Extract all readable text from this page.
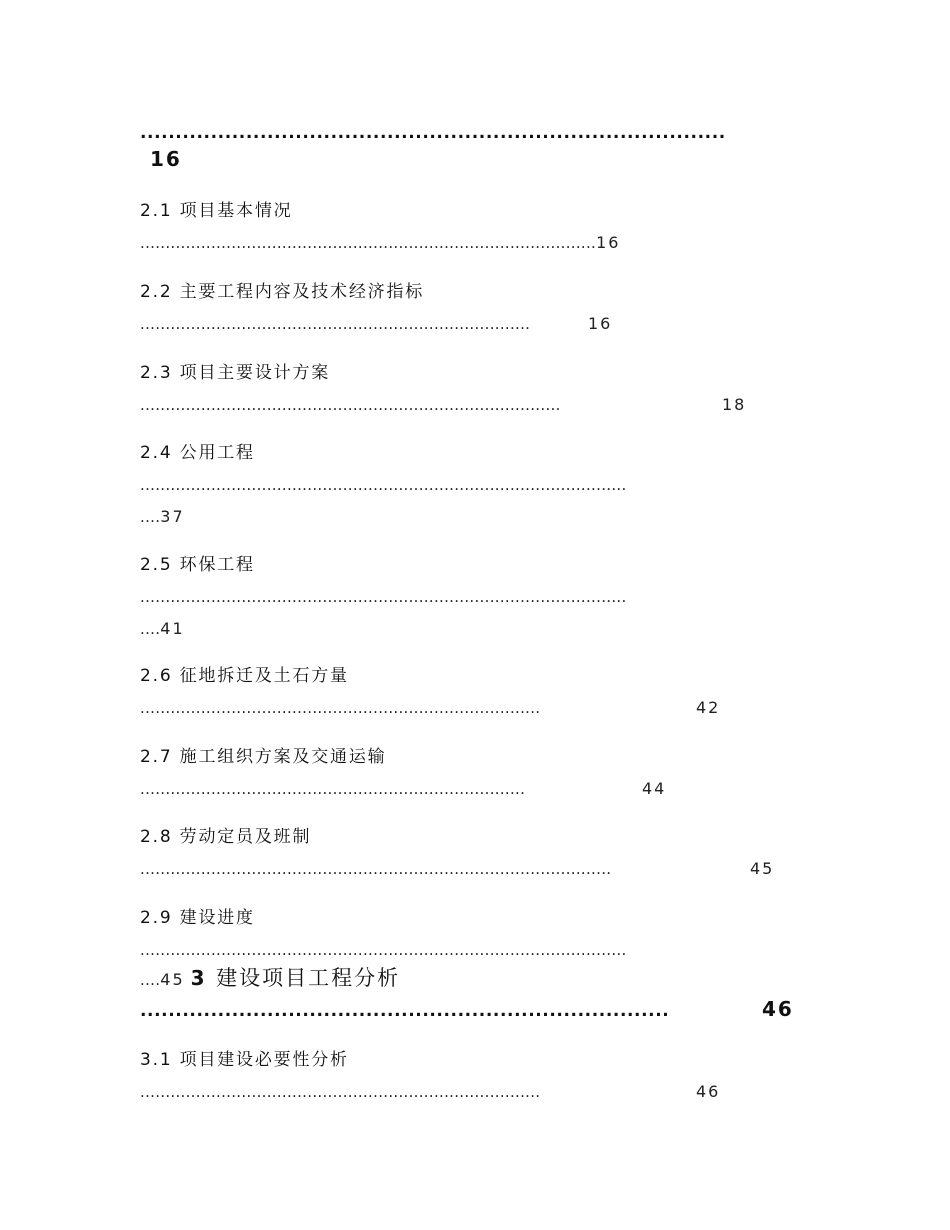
...................................................................................
16
2.1 项目基本情况
..........................................................................................16
2.2 主要工程内容及技术经济指标
.............................................................................	16
2.3 项目主要设计方案
...................................................................................	18
2.4 公用工程
................................................................................................
....37
2.5 环保工程
................................................................................................
....41
2.6 征地拆迁及土石方量
...............................................................................	42
2.7 施工组织方案及交通运输
............................................................................	44
2.8 劳动定员及班制
.............................................................................................	45
2.9 建设进度
................................................................................................
....45 3 建设项目工程分析
...........................................................................	46
3.1 项目建设必要性分析
...............................................................................	46
